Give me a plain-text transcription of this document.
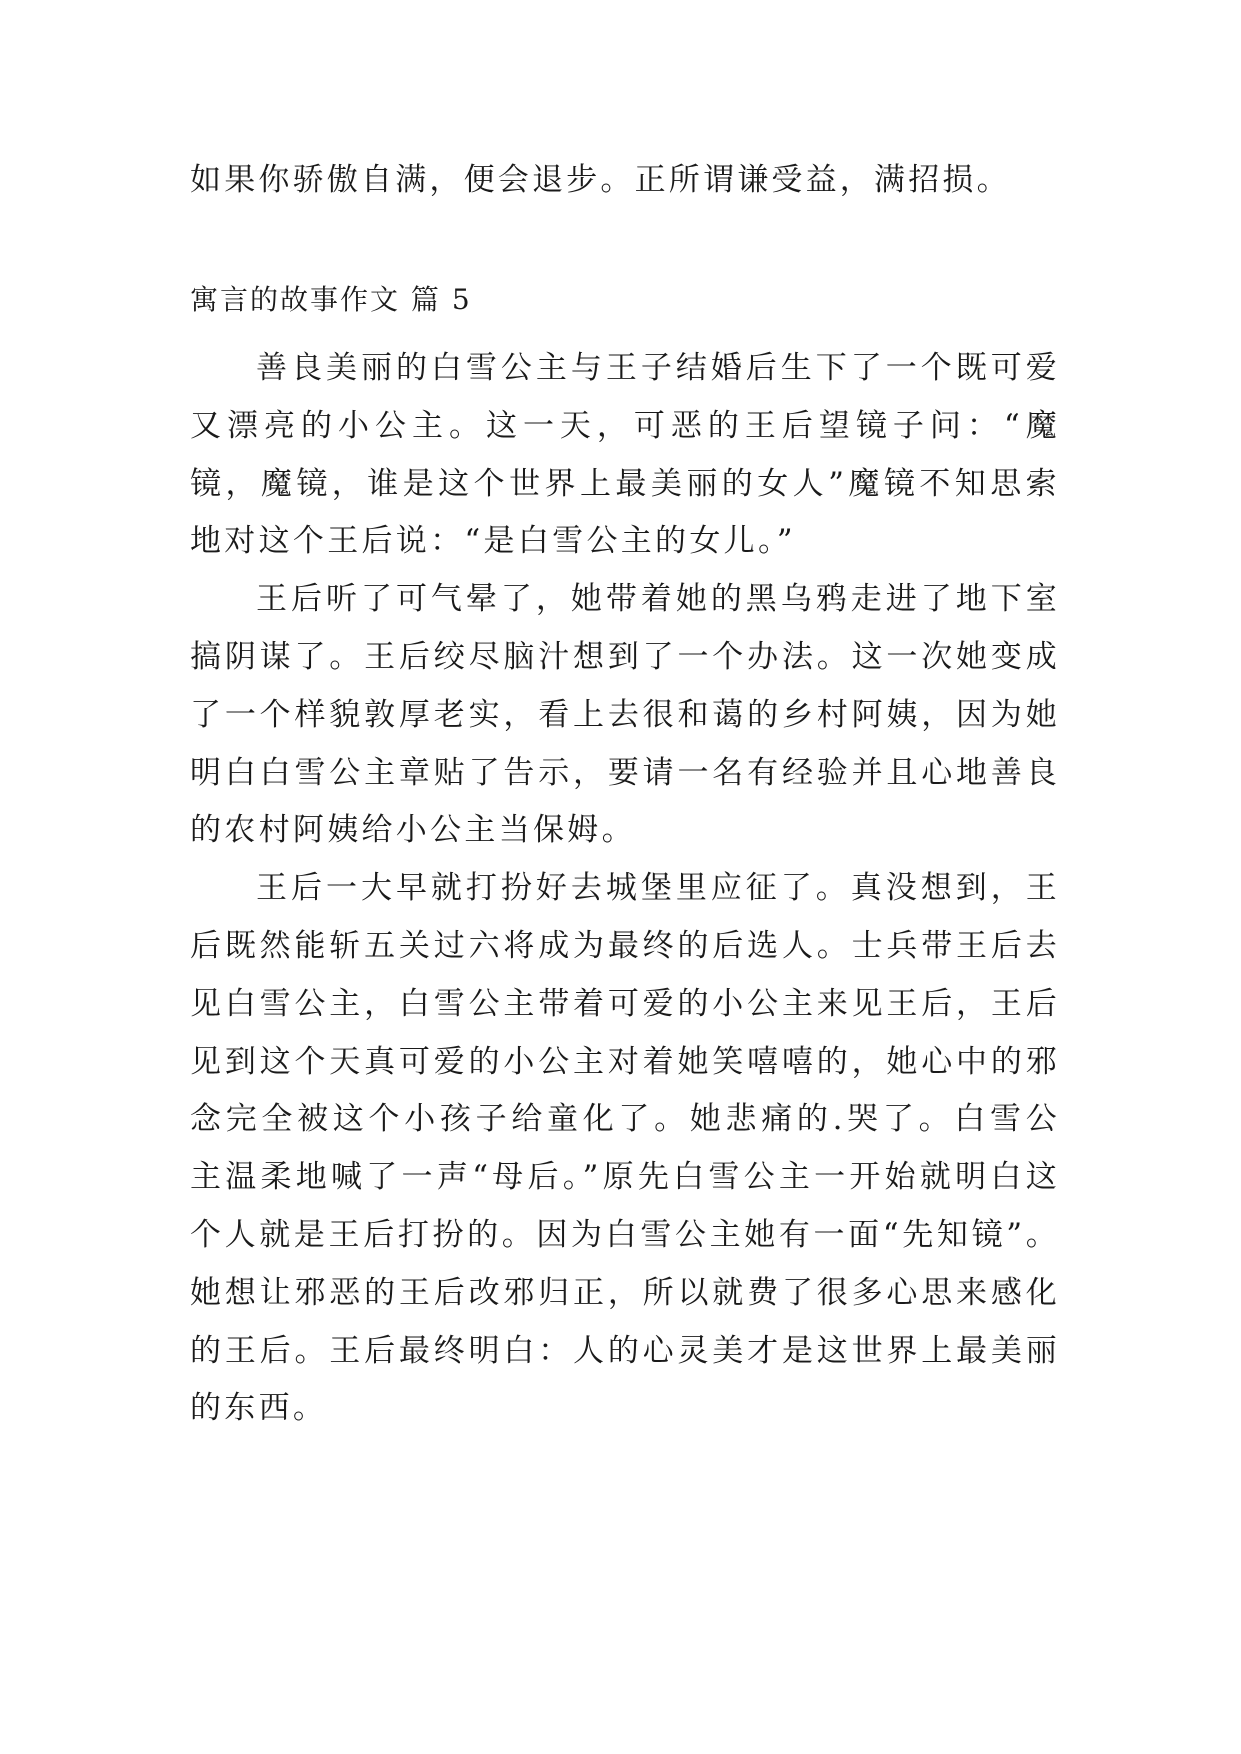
如果你骄傲自满，便会退步。正所谓谦受益，满招损。

寓言的故事作文 篇 5

善良美丽的白雪公主与王子结婚后生下了一个既可爱又漂亮的小公主。这一天，可恶的王后望镜子问：“魔镜，魔镜，谁是这个世界上最美丽的女人”魔镜不知思索地对这个王后说：“是白雪公主的女儿。”

王后听了可气晕了，她带着她的黑乌鸦走进了地下室搞阴谋了。王后绞尽脑汁想到了一个办法。这一次她变成了一个样貌敦厚老实，看上去很和蔼的乡村阿姨，因为她明白白雪公主章贴了告示，要请一名有经验并且心地善良的农村阿姨给小公主当保姆。

王后一大早就打扮好去城堡里应征了。真没想到，王后既然能斩五关过六将成为最终的后选人。士兵带王后去见白雪公主，白雪公主带着可爱的小公主来见王后，王后见到这个天真可爱的小公主对着她笑嘻嘻的，她心中的邪念完全被这个小孩子给童化了。她悲痛的.哭了。白雪公主温柔地喊了一声“母后。”原先白雪公主一开始就明白这个人就是王后打扮的。因为白雪公主她有一面“先知镜”。她想让邪恶的王后改邪归正，所以就费了很多心思来感化的王后。王后最终明白：人的心灵美才是这世界上最美丽的东西。
